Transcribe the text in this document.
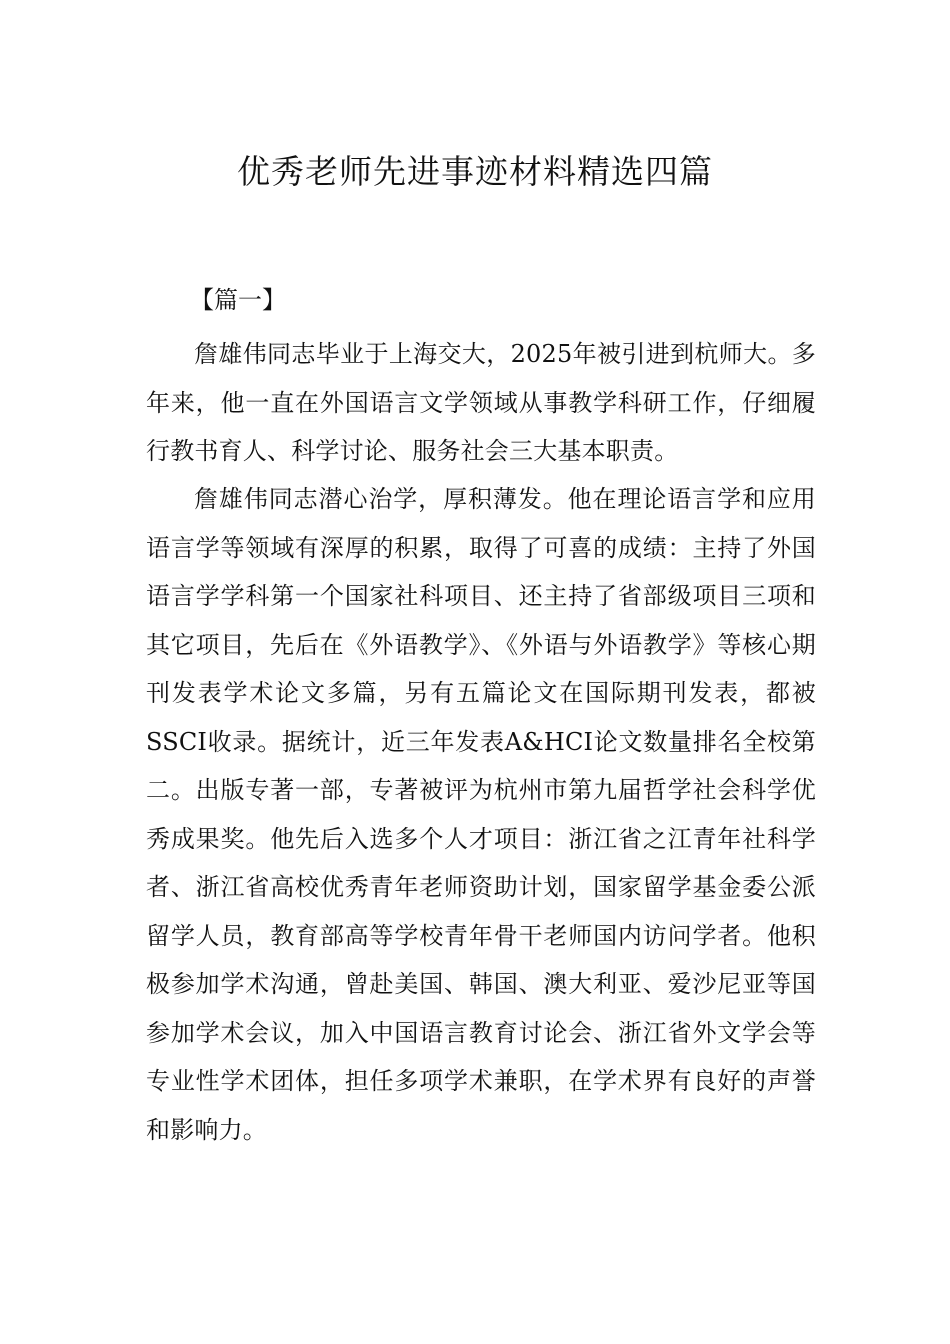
优秀老师先进事迹材料精选四篇
【篇一】

詹雄伟同志毕业于上海交大，2025年被引进到杭师大。多年来，他一直在外国语言文学领域从事教学科研工作，仔细履行教书育人、科学讨论、服务社会三大基本职责。

詹雄伟同志潜心治学，厚积薄发。他在理论语言学和应用语言学等领域有深厚的积累，取得了可喜的成绩：主持了外国语言学学科第一个国家社科项目、还主持了省部级项目三项和其它项目，先后在《外语教学》、《外语与外语教学》等核心期刊发表学术论文多篇，另有五篇论文在国际期刊发表，都被SSCI收录。据统计，近三年发表A&HCI论文数量排名全校第二。出版专著一部，专著被评为杭州市第九届哲学社会科学优秀成果奖。他先后入选多个人才项目：浙江省之江青年社科学者、浙江省高校优秀青年老师资助计划，国家留学基金委公派留学人员，教育部高等学校青年骨干老师国内访问学者。他积极参加学术沟通，曾赴美国、韩国、澳大利亚、爱沙尼亚等国参加学术会议，加入中国语言教育讨论会、浙江省外文学会等专业性学术团体，担任多项学术兼职，在学术界有良好的声誉和影响力。
